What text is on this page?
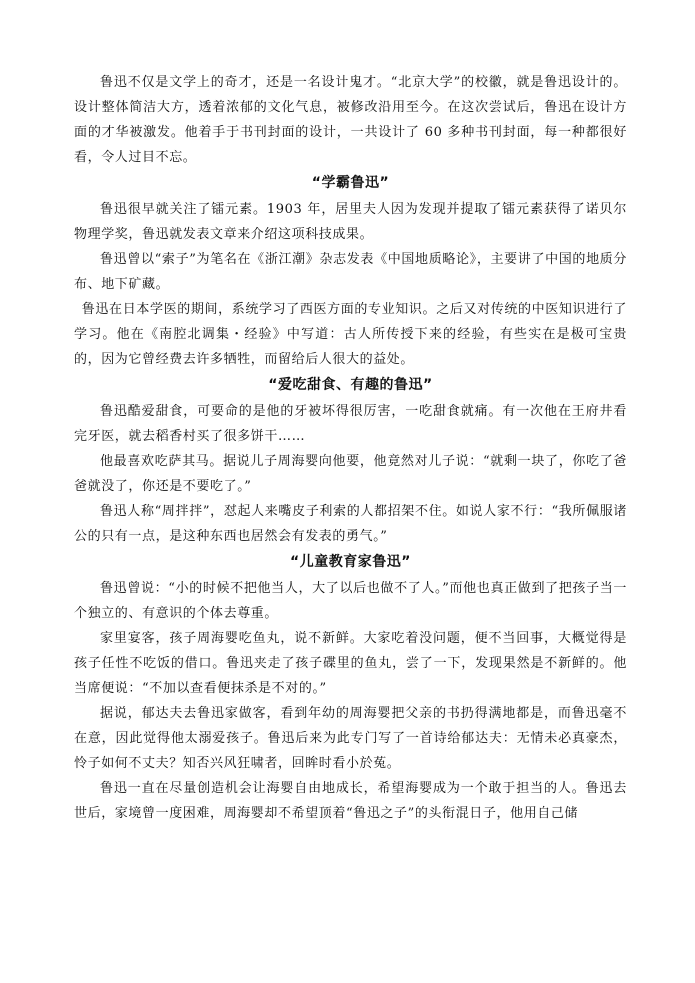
鲁迅不仅是文学上的奇才，还是一名设计鬼才。“北京大学”的校徽，就是鲁迅设计的。设计整体简洁大方，透着浓郁的文化气息，被修改沿用至今。在这次尝试后，鲁迅在设计方面的才华被激发。他着手于书刊封面的设计，一共设计了 60 多种书刊封面，每一种都很好看，令人过目不忘。

“学霸鲁迅”

鲁迅很早就关注了镭元素。1903 年，居里夫人因为发现并提取了镭元素获得了诺贝尔物理学奖，鲁迅就发表文章来介绍这项科技成果。

鲁迅曾以“索子”为笔名在《浙江潮》杂志发表《中国地质略论》，主要讲了中国的地质分布、地下矿藏。

鲁迅在日本学医的期间，系统学习了西医方面的专业知识。之后又对传统的中医知识进行了学习。他在《南腔北调集・经验》中写道：古人所传授下来的经验，有些实在是极可宝贵的，因为它曾经费去许多牺牲，而留给后人很大的益处。

“爱吃甜食、有趣的鲁迅”

鲁迅酷爱甜食，可要命的是他的牙被坏得很厉害，一吃甜食就痛。有一次他在王府井看完牙医，就去稻香村买了很多饼干……

他最喜欢吃萨其马。据说儿子周海婴向他要，他竟然对儿子说：“就剩一块了，你吃了爸爸就没了，你还是不要吃了。”

鲁迅人称“周拌拌”，怼起人来嘴皮子利索的人都招架不住。如说人家不行：“我所佩服诸公的只有一点，是这种东西也居然会有发表的勇气。”

“儿童教育家鲁迅”

鲁迅曾说：“小的时候不把他当人，大了以后也做不了人。”而他也真正做到了把孩子当一个独立的、有意识的个体去尊重。

家里宴客，孩子周海婴吃鱼丸，说不新鲜。大家吃着没问题，便不当回事，大概觉得是孩子任性不吃饭的借口。鲁迅夹走了孩子碟里的鱼丸，尝了一下，发现果然是不新鲜的。他当席便说：“不加以查看便抹杀是不对的。”

据说，郁达夫去鲁迅家做客，看到年幼的周海婴把父亲的书扔得满地都是，而鲁迅毫不在意，因此觉得他太溺爱孩子。鲁迅后来为此专门写了一首诗给郁达夫：无情未必真豪杰，怜子如何不丈夫？知否兴风狂啸者，回眸时看小於菟。

鲁迅一直在尽量创造机会让海婴自由地成长，希望海婴成为一个敢于担当的人。鲁迅去世后，家境曾一度困难，周海婴却不希望顶着“鲁迅之子”的头衔混日子，他用自己储
